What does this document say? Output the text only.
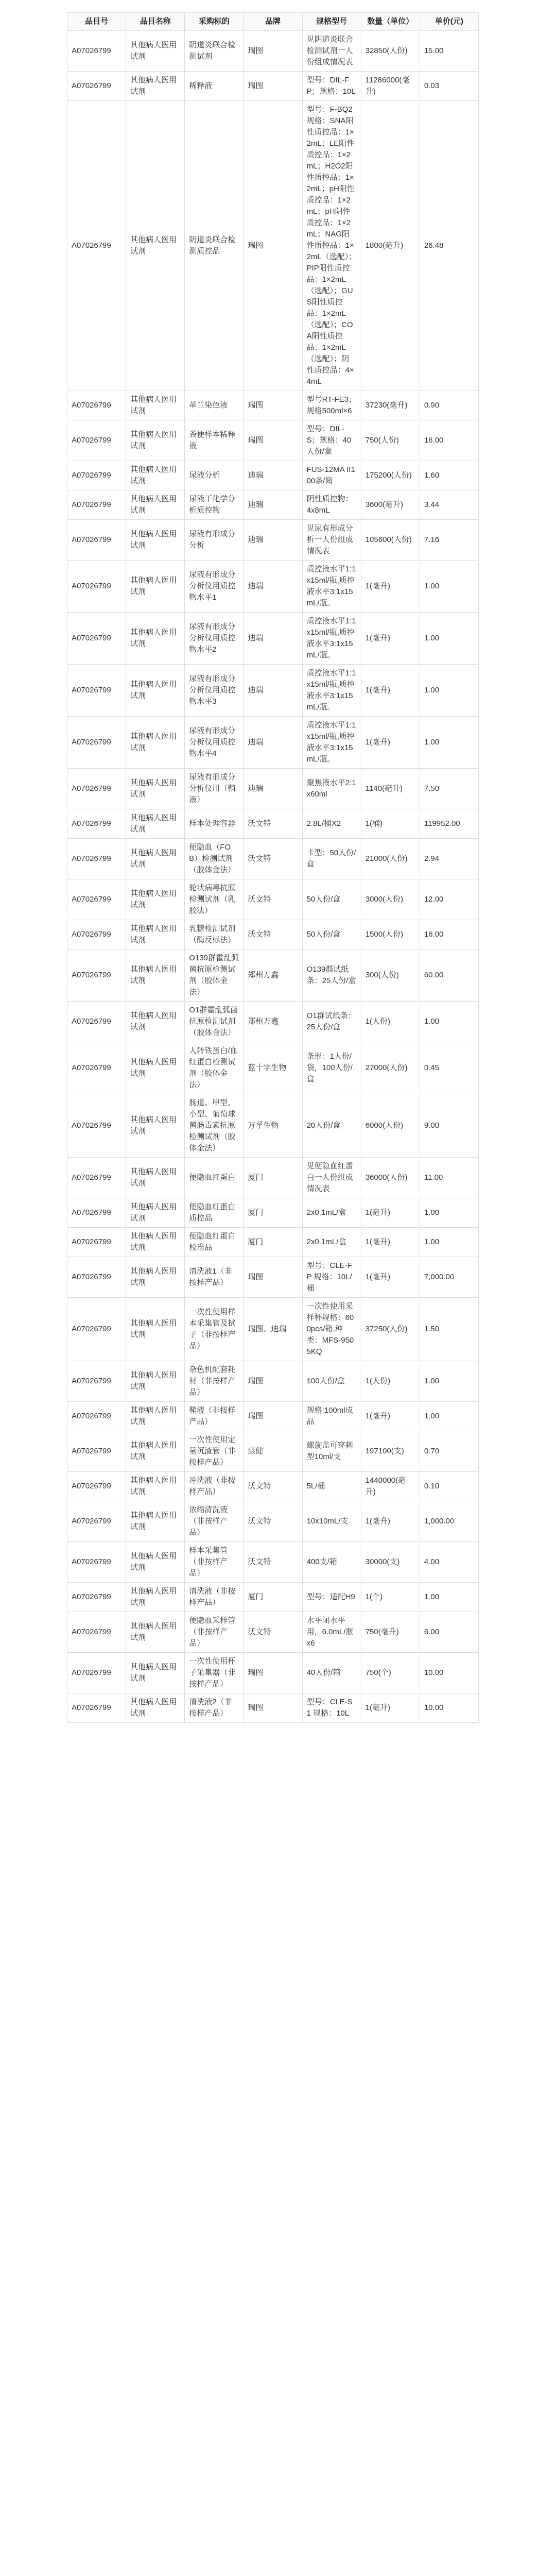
品目号	品目名称	采购标的	品牌	规格型号	数量（单位）	单价(元)
A07026799	其他病人医用试剂	阴道炎联合检测试剂	瑞图	见阴道炎联合检测试剂一人份组成情况表	32850(人份)	15.00
A07026799	其他病人医用试剂	稀释液	瑞图	型号：DIL-FP；规格：10L	11286000(毫升)	0.03
A07026799	其他病人医用试剂	阴道炎联合检测质控品	瑞图	型号：F-BQ2规格：SNA阳性质控品：1×2mL；LE阳性质控品：1×2mL；H2O2阳性质控品：1×2mL；pH阳性质控品：1×2mL；pH阴性质控品：1×2mL；NAG阳性质控品：1×2mL（选配）；PIP阳性质控品：1×2mL（选配）；GUS阳性质控品：1×2mL（选配）；COA阳性质控品：1×2mL（选配）；阴性质控品：4×4mL	1800(毫升)	26.48
A07026799	其他病人医用试剂	革兰染色液	瑞图	型号RT-FE3；规格500ml×6	37230(毫升)	0.90
A07026799	其他病人医用试剂	粪便样本稀释液	瑞图	型号：DIL-S；规格：40人份/盒	750(人份)	16.00
A07026799	其他病人医用试剂	尿液分析	迪瑞	FUS-12MA II100条/筒	175200(人份)	1.60
A07026799	其他病人医用试剂	尿液干化学分析质控物	迪瑞	阴性质控物：4x8mL	3600(毫升)	3.44
A07026799	其他病人医用试剂	尿液有形成分分析	迪瑞	见尿有形成分析一人份组成情况表	105600(人份)	7.16
A07026799	其他病人医用试剂	尿液有形成分分析仪用质控物水平1	迪瑞	质控液水平1:1x15ml/瓶,质控液水平3:1x15mL/瓶。	1(毫升)	1.00
A07026799	其他病人医用试剂	尿液有形成分分析仪用质控物水平2	迪瑞	质控液水平1:1x15ml/瓶,质控液水平3:1x15mL/瓶。	1(毫升)	1.00
A07026799	其他病人医用试剂	尿液有形成分分析仪用质控物水平3	迪瑞	质控液水平1:1x15ml/瓶,质控液水平3:1x15mL/瓶。	1(毫升)	1.00
A07026799	其他病人医用试剂	尿液有形成分分析仪用质控物水平4	迪瑞	质控液水平1:1x15ml/瓶,质控液水平3:1x15mL/瓶。	1(毫升)	1.00
A07026799	其他病人医用试剂	尿液有形成分分析仪用（鞘液）	迪瑞	聚焦液水平2:1x60ml	1140(毫升)	7.50
A07026799	其他病人医用试剂	样本处理容器	沃文特	2.8L/桶X2	1(桶)	119952.00
A07026799	其他病人医用试剂	便隐血（FOB）检测试剂（胶体金法）	沃文特	卡型：50人份/盒	21000(人份)	2.94
A07026799	其他病人医用试剂	轮状病毒抗原检测试剂（乳胶法）	沃文特	50人份/盒	3000(人份)	12.00
A07026799	其他病人医用试剂	乳糖检测试剂（酶反标法）	沃文特	50人份/盒	1500(人份)	16.00
A07026799	其他病人医用试剂	O139群霍乱弧菌抗原检测试剂（胶体金法）	郑州万鑫	O139群试纸条：25人份/盒	300(人份)	60.00
A07026799	其他病人医用试剂	O1群霍乱弧菌抗原检测试剂（胶体金法）	郑州万鑫	O1群试纸条：25人份/盒	1(人份)	1.00
A07026799	其他病人医用试剂	人转铁蛋白/血红蛋白检测试剂（胶体金法）	蓝十字生物	条形：1人份/袋，100人份/盒	27000(人份)	0.45
A07026799	其他病人医用试剂	肠道、甲型、小型、葡萄球菌肠毒素抗原检测试剂（胶体金法）	万孚生物	20人份/盒	6000(人份)	9.00
A07026799	其他病人医用试剂	便隐血红蛋白	厦门	见便隐血红蛋白一人份组成情况表	36000(人份)	11.00
A07026799	其他病人医用试剂	便隐血红蛋白质控品	厦门	2x0.1mL/盒	1(毫升)	1.00
A07026799	其他病人医用试剂	便隐血红蛋白校准品	厦门	2x0.1mL/盒	1(毫升)	1.00
A07026799	其他病人医用试剂	清洗液1（非按样产品）	瑞图	型号：CLE-FP 规格：10L/桶	1(毫升)	7,000.00
A07026799	其他病人医用试剂	一次性使用样本采集管及拭子（非按样产品）	瑞图、迪瑞	一次性使用采样杯规格：600pcs/箱,种类：MFS-9505KQ	37250(人份)	1.50
A07026799	其他病人医用试剂	杂色机配套耗材（非按样产品）	瑞图	100人份/盒	1(人份)	1.00
A07026799	其他病人医用试剂	鞘液（非按样产品）	瑞图	规格:100ml成品	1(毫升)	1.00
A07026799	其他病人医用试剂	一次性使用定量沉渣管（非按样产品）	康健	螺旋盖可穿刺型10ml/支	197100(支)	0.70
A07026799	其他病人医用试剂	冲洗液（非按样产品）	沃文特	5L/桶	1440000(毫升)	0.10
A07026799	其他病人医用试剂	浓缩清洗液（非按样产品）	沃文特	10x10mL/支	1(毫升)	1,000.00
A07026799	其他病人医用试剂	样本采集管（非按样产品）	沃文特	400支/箱	30000(支)	4.00
A07026799	其他病人医用试剂	清洗液（非按样产品）	厦门	型号：适配H9	1(个)	1.00
A07026799	其他病人医用试剂	便隐血采样管（非按样产品）	沃文特	水平闭水平用，6.0mL/瓶x6	750(毫升)	6.00
A07026799	其他病人医用试剂	一次性使用杯子采集器（非按样产品）	瑞图	40人份/箱	750(个)	10.00
A07026799	其他病人医用试剂	清洗液2（非按样产品）	瑞图	型号：CLE-S1 规格：10L	1(毫升)	10.00
